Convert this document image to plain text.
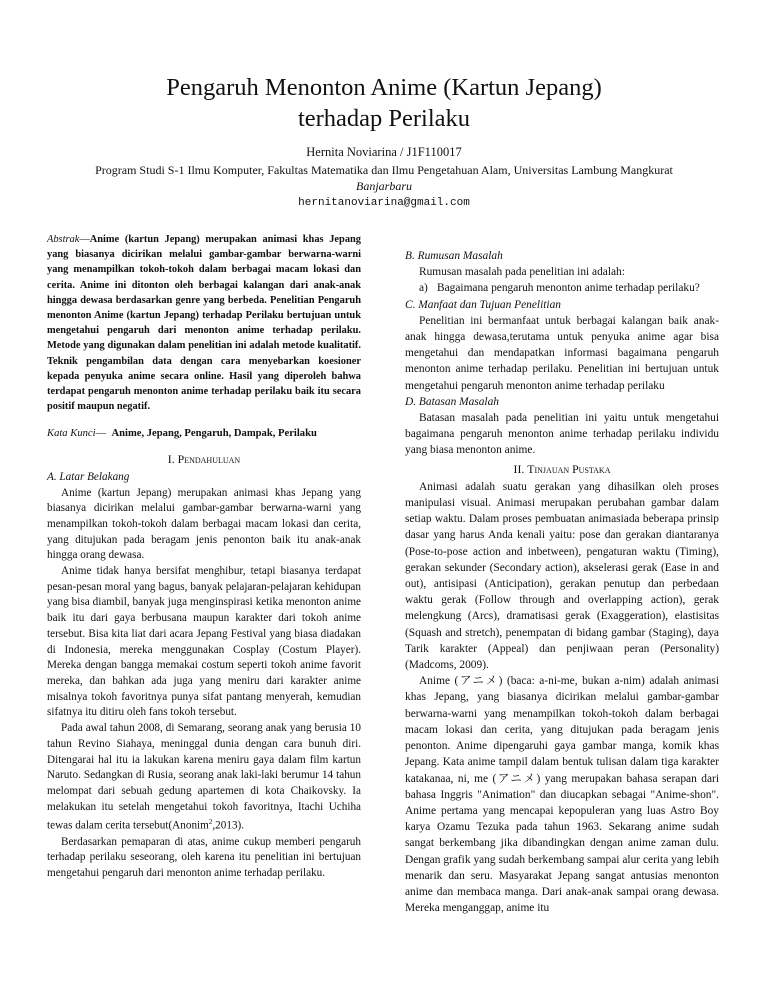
Pengaruh Menonton Anime (Kartun Jepang)
terhadap Perilaku
Hernita Noviarina / J1F110017
Program Studi S-1 Ilmu Komputer, Fakultas Matematika dan Ilmu Pengetahuan Alam, Universitas Lambung Mangkurat
Banjarbaru
hernitanoviarina@gmail.com

Abstrak—Anime (kartun Jepang) merupakan animasi khas Jepang yang biasanya dicirikan melalui gambar-gambar berwarna-warni yang menampilkan tokoh-tokoh dalam berbagai macam lokasi dan cerita. Anime ini ditonton oleh berbagai kalangan dari anak-anak hingga dewasa berdasarkan genre yang berbeda. Penelitian Pengaruh menonton Anime (kartun Jepang) terhadap Perilaku bertujuan untuk mengetahui pengaruh dari menonton anime terhadap perilaku. Metode yang digunakan dalam penelitian ini adalah metode kualitatif. Teknik pengambilan data dengan cara menyebarkan koesioner kepada penyuka anime secara online. Hasil yang diperoleh bahwa terdapat pengaruh menonton anime terhadap perilaku baik itu secara positif maupun negatif.

Kata Kunci— Anime, Jepang, Pengaruh, Dampak, Perilaku

I. Pendahuluan

A. Latar Belakang

Anime (kartun Jepang) merupakan animasi khas Jepang yang biasanya dicirikan melalui gambar-gambar berwarna-warni yang menampilkan tokoh-tokoh dalam berbagai macam lokasi dan cerita, yang ditujukan pada beragam jenis penonton baik itu anak-anak hingga orang dewasa.

Anime tidak hanya bersifat menghibur, tetapi biasanya terdapat pesan-pesan moral yang bagus, banyak pelajaran-pelajaran kehidupan yang bisa diambil, banyak juga menginspirasi ketika menonton anime baik itu dari gaya berbusana maupun karakter dari tokoh anime tersebut. Bisa kita liat dari acara Jepang Festival yang biasa diadakan di Indonesia, mereka menggunakan Cosplay (Costum Player). Mereka dengan bangga memakai costum seperti tokoh anime favorit mereka, dan bahkan ada juga yang meniru dari karakter anime misalnya tokoh favoritnya punya sifat pantang menyerah, kemudian sifatnya itu ditiru oleh fans tokoh tersebut.

Pada awal tahun 2008, di Semarang, seorang anak yang berusia 10 tahun Revino Siahaya, meninggal dunia dengan cara bunuh diri. Ditengarai hal itu ia lakukan karena meniru gaya dalam film kartun Naruto. Sedangkan di Rusia, seorang anak laki-laki berumur 14 tahun melompat dari sebuah gedung apartemen di kota Chaikovsky. Ia melakukan itu setelah mengetahui tokoh favoritnya, Itachi Uchiha tewas dalam cerita tersebut(Anonim$^2$,2013).

Berdasarkan pemaparan di atas, anime cukup memberi pengaruh terhadap perilaku seseorang, oleh karena itu penelitian ini bertujuan mengetahui pengaruh dari menonton anime terhadap perilaku.

B. Rumusan Masalah

Rumusan masalah pada penelitian ini adalah:

a) Bagaimana pengaruh menonton anime terhadap perilaku?

C. Manfaat dan Tujuan Penelitian

Penelitian ini bermanfaat untuk berbagai kalangan baik anak-anak hingga dewasa,terutama untuk penyuka anime agar bisa mengetahui dan mendapatkan informasi bagaimana pengaruh menonton anime terhadap perilaku. Penelitian ini bertujuan untuk mengetahui pengaruh menonton anime terhadap perilaku

D. Batasan Masalah

Batasan masalah pada penelitian ini yaitu untuk mengetahui bagaimana pengaruh menonton anime terhadap perilaku individu yang biasa menonton anime.

II. Tinjauan Pustaka

Animasi adalah suatu gerakan yang dihasilkan oleh proses manipulasi visual. Animasi merupakan perubahan gambar dalam setiap waktu. Dalam proses pembuatan animasiada beberapa prinsip dasar yang harus Anda kenali yaitu: pose dan gerakan diantaranya (Pose-to-pose action and inbetween), pengaturan waktu (Timing), gerakan sekunder (Secondary action), akselerasi gerak (Ease in and out), antisipasi (Anticipation), gerakan penutup dan perbedaan waktu gerak (Follow through and overlapping action), gerak melengkung (Arcs), dramatisasi gerak (Exaggeration), elastisitas (Squash and stretch), penempatan di bidang gambar (Staging), daya Tarik karakter (Appeal) dan penjiwaan peran (Personality) (Madcoms, 2009).

Anime (アニメ) (baca: a-ni-me, bukan a-nim) adalah animasi khas Jepang, yang biasanya dicirikan melalui gambar-gambar berwarna-warni yang menampilkan tokoh-tokoh dalam berbagai macam lokasi dan cerita, yang ditujukan pada beragam jenis penonton. Anime dipengaruhi gaya gambar manga, komik khas Jepang. Kata anime tampil dalam bentuk tulisan dalam tiga karakter katakanaa, ni, me (アニメ) yang merupakan bahasa serapan dari bahasa Inggris "Animation" dan diucapkan sebagai "Anime-shon". Anime pertama yang mencapai kepopuleran yang luas Astro Boy karya Ozamu Tezuka pada tahun 1963. Sekarang anime sudah sangat berkembang jika dibandingkan dengan anime zaman dulu. Dengan grafik yang sudah berkembang sampai alur cerita yang lebih menarik dan seru. Masyarakat Jepang sangat antusias menonton anime dan membaca manga. Dari anak-anak sampai orang dewasa. Mereka menganggap, anime itu
